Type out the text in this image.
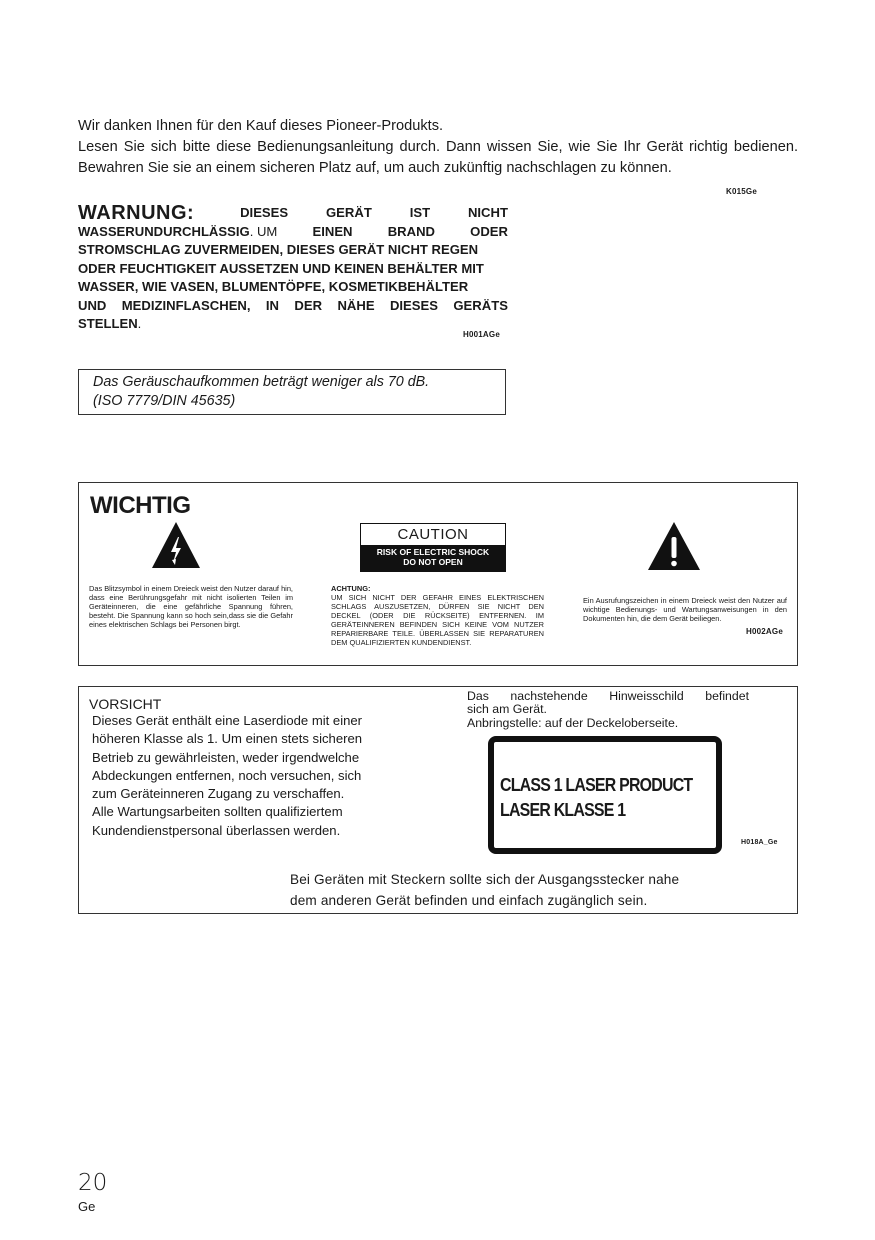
Wir danken Ihnen für den Kauf dieses Pioneer-Produkts.

Lesen Sie sich bitte diese Bedienungsanleitung durch. Dann wissen Sie, wie Sie Ihr Gerät richtig bedienen. Bewahren Sie sie an einem sicheren Platz auf, um auch zukünftig nachschlagen zu können.

K015Ge
WARNUNG:	DIESES	GERÄT	IST	NICHT
WASSERUNDURCHLÄSSIG. UM	EINEN	BRAND	ODER
STROMSCHLAG ZUVERMEIDEN, DIESES GERÄT NICHT REGEN
ODER FEUCHTIGKEIT AUSSETZEN UND KEINEN BEHÄLTER MIT
WASSER, WIE VASEN, BLUMENTÖPFE, KOSMETIKBEHÄLTER
UND MEDIZINFLASCHEN, IN DER NÄHE DIESES GERÄTS
STELLEN.
H001AGe
Das Geräuschaufkommen beträgt weniger als 70 dB.
(ISO 7779/DIN 45635)
WICHTIG
CAUTION
RISK OF ELECTRIC SHOCK
DO NOT OPEN
Das Blitzsymbol in einem Dreieck weist den Nutzer darauf hin, dass eine Berührungsgefahr mit nicht isolierten Teilen im Geräteinneren, die eine gefährliche Spannung führen, besteht. Die Spannung kann so hoch sein,dass sie die Gefahr eines elektrischen Schlags bei Personen birgt.
ACHTUNG:
UM SICH NICHT DER GEFAHR EINES ELEKTRISCHEN SCHLAGS AUSZUSETZEN, DÜRFEN SIE NICHT DEN DECKEL (ODER DIE RÜCKSEITE) ENTFERNEN. IM GERÄTEINNEREN BEFINDEN SICH KEINE VOM NUTZER REPARIERBARE TEILE. ÜBERLASSEN SIE REPARATUREN DEM QUALIFIZIERTEN KUNDENDIENST.
Ein Ausrufungszeichen in einem Dreieck weist den Nutzer auf wichtige Bedienungs- und Wartungsanweisungen in den Dokumenten hin, die dem Gerät beiliegen.
H002AGe
VORSICHT
Dieses Gerät enthält eine Laserdiode mit einer
höheren Klasse als 1. Um einen stets sicheren
Betrieb zu gewährleisten, weder irgendwelche
Abdeckungen entfernen, noch versuchen, sich
zum Geräteinneren Zugang zu verschaffen.
Alle Wartungsarbeiten sollten qualifiziertem
Kundendienstpersonal überlassen werden.
Das nachstehende Hinweisschild befindet
sich am Gerät.
Anbringstelle: auf der Deckeloberseite.
CLASS 1 LASER PRODUCT
LASER KLASSE 1
H018A_Ge
Bei Geräten mit Steckern sollte sich der Ausgangsstecker nahe
dem anderen Gerät befinden und einfach zugänglich sein.
20
Ge
